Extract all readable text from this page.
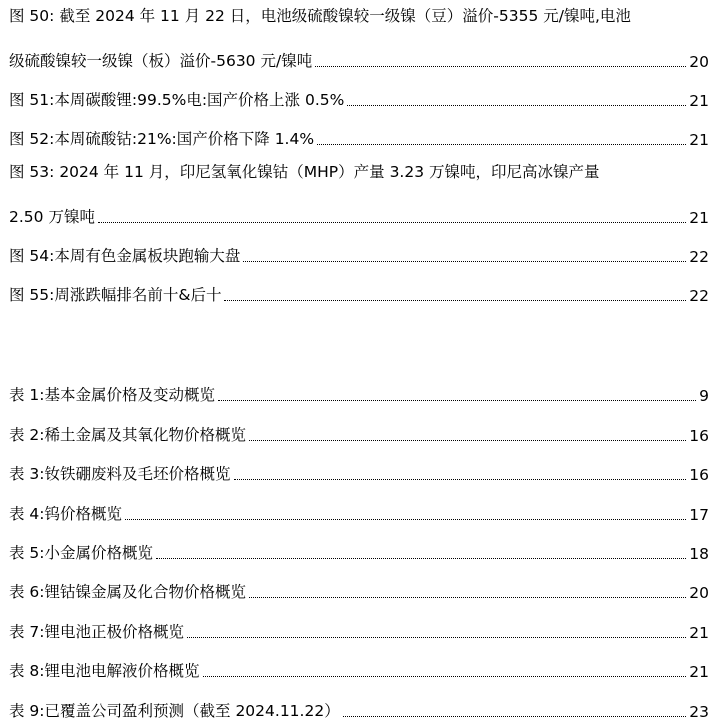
图 50: 截至 2024 年 11 月 22 日，电池级硫酸镍较一级镍（豆）溢价-5355 元/镍吨,电池
级硫酸镍较一级镍（板）溢价-5630 元/镍吨	20
图 51: 本周碳酸锂:99.5%电:国产价格上涨 0.5%	21
图 52: 本周硫酸钴:21%:国产价格下降 1.4%	21
图 53: 2024 年 11 月，印尼氢氧化镍钴（MHP）产量 3.23 万镍吨，印尼高冰镍产量
2.50 万镍吨	21
图 54: 本周有色金属板块跑输大盘	22
图 55: 周涨跌幅排名前十&后十	22
表 1: 基本金属价格及变动概览	9
表 2: 稀土金属及其氧化物价格概览	16
表 3: 钕铁硼废料及毛坯价格概览	16
表 4: 钨价格概览	17
表 5: 小金属价格概览	18
表 6: 锂钴镍金属及化合物价格概览	20
表 7: 锂电池正极价格概览	21
表 8: 锂电池电解液价格概览	21
表 9: 已覆盖公司盈利预测（截至 2024.11.22）	23
